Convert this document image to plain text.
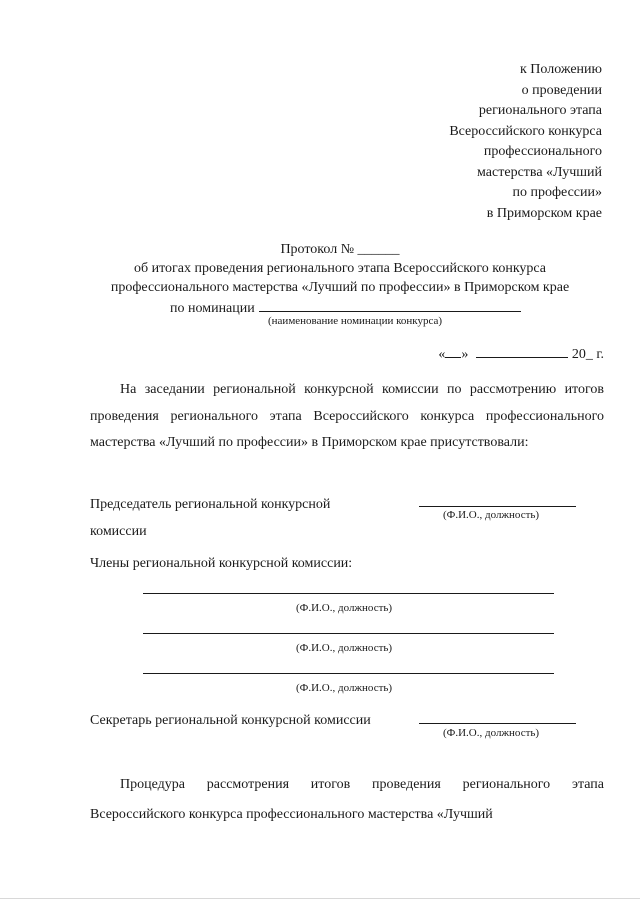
к Положению
о проведении
регионального этапа
Всероссийского конкурса
профессионального
мастерства «Лучший
по профессии»
в Приморском крае
Протокол № ______
об итогах проведения регионального этапа Всероссийского конкурса
профессионального мастерства «Лучший по профессии» в Приморском крае
по номинации
(наименование номинации конкурса)
« »	20_ г.
На заседании региональной конкурсной комиссии по рассмотрению итогов проведения регионального этапа Всероссийского конкурса профессионального мастерства «Лучший по профессии» в Приморском крае присутствовали:
Председатель региональной конкурсной комиссии
(Ф.И.О., должность)
Члены региональной конкурсной комиссии:
(Ф.И.О., должность)
(Ф.И.О., должность)
(Ф.И.О., должность)
Секретарь региональной конкурсной комиссии
(Ф.И.О., должность)
Процедура рассмотрения итогов проведения регионального этапа Всероссийского конкурса профессионального мастерства «Лучший
